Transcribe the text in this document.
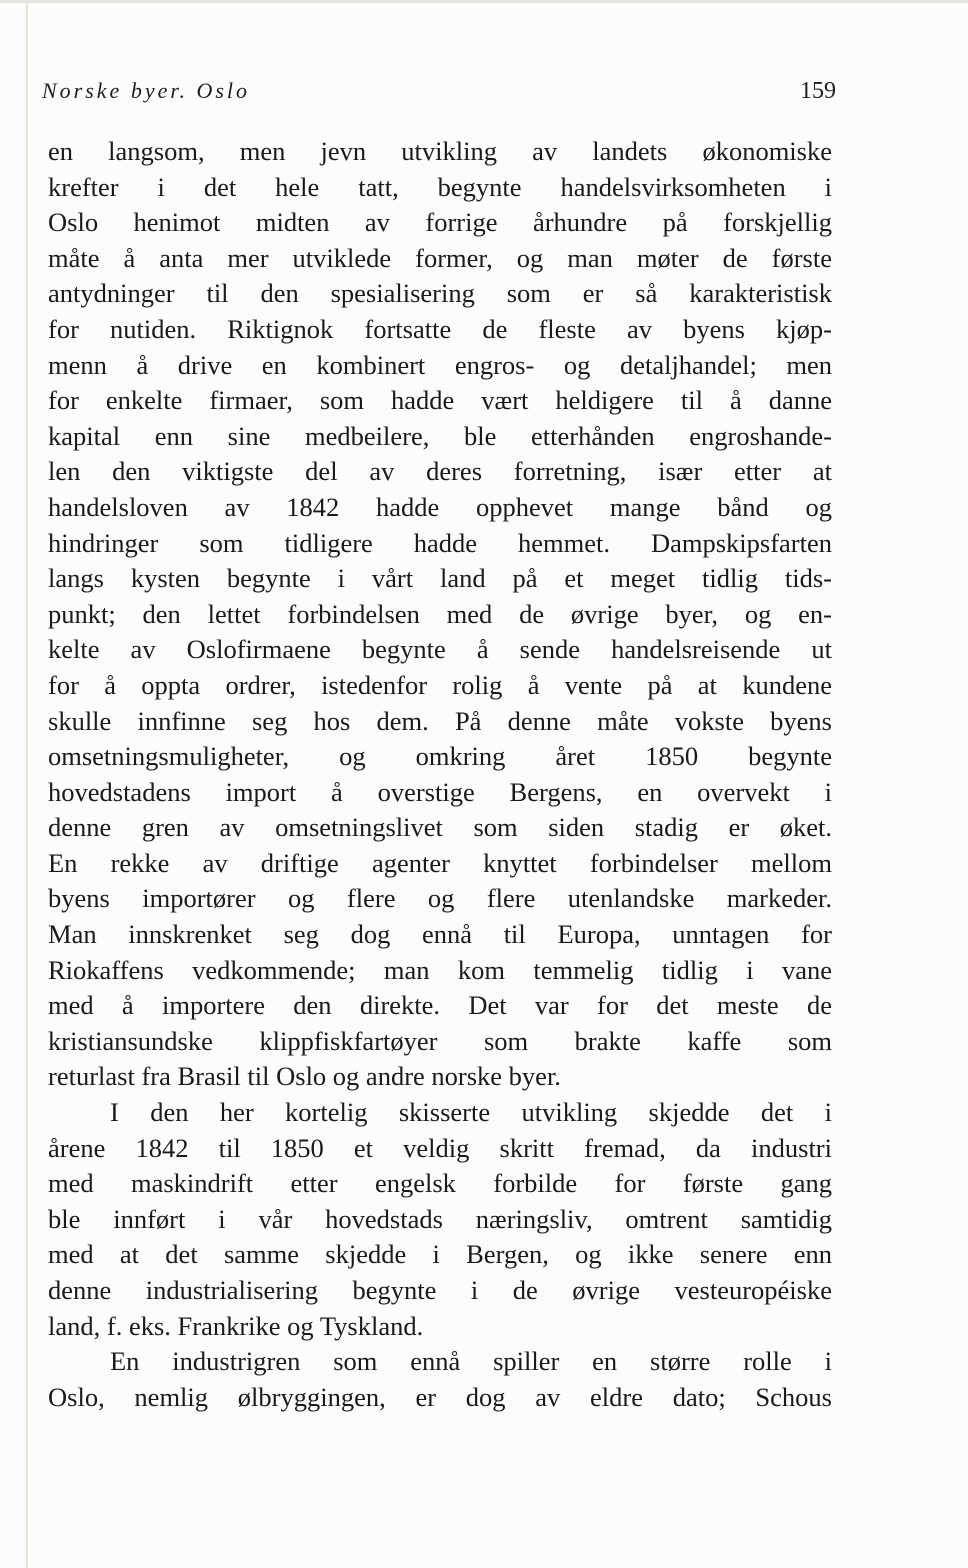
Norske byer. Oslo	159
en langsom, men jevn utvikling av landets økonomiske
krefter i det hele tatt, begynte handelsvirksomheten i
Oslo henimot midten av forrige århundre på forskjellig
måte å anta mer utviklede former, og man møter de første
antydninger til den spesialisering som er så karakteristisk
for nutiden. Riktignok fortsatte de fleste av byens kjøp-
menn å drive en kombinert engros- og detaljhandel; men
for enkelte firmaer, som hadde vært heldigere til å danne
kapital enn sine medbeilere, ble etterhånden engroshande-
len den viktigste del av deres forretning, især etter at
handelsloven av 1842 hadde opphevet mange bånd og
hindringer som tidligere hadde hemmet. Dampskipsfarten
langs kysten begynte i vårt land på et meget tidlig tids-
punkt; den lettet forbindelsen med de øvrige byer, og en-
kelte av Oslofirmaene begynte å sende handelsreisende ut
for å oppta ordrer, istedenfor rolig å vente på at kundene
skulle innfinne seg hos dem. På denne måte vokste byens
omsetningsmuligheter, og omkring året 1850 begynte
hovedstadens import å overstige Bergens, en overvekt i
denne gren av omsetningslivet som siden stadig er øket.
En rekke av driftige agenter knyttet forbindelser mellom
byens importører og flere og flere utenlandske markeder.
Man innskrenket seg dog ennå til Europa, unntagen for
Riokaffens vedkommende; man kom temmelig tidlig i vane
med å importere den direkte. Det var for det meste de
kristiansundske klippfiskfartøyer som brakte kaffe som
returlast fra Brasil til Oslo og andre norske byer.
I den her kortelig skisserte utvikling skjedde det i
årene 1842 til 1850 et veldig skritt fremad, da industri
med maskindrift etter engelsk forbilde for første gang
ble innført i vår hovedstads næringsliv, omtrent samtidig
med at det samme skjedde i Bergen, og ikke senere enn
denne industrialisering begynte i de øvrige vesteuropéiske
land, f. eks. Frankrike og Tyskland.
En industrigren som ennå spiller en større rolle i
Oslo, nemlig ølbryggingen, er dog av eldre dato; Schous
